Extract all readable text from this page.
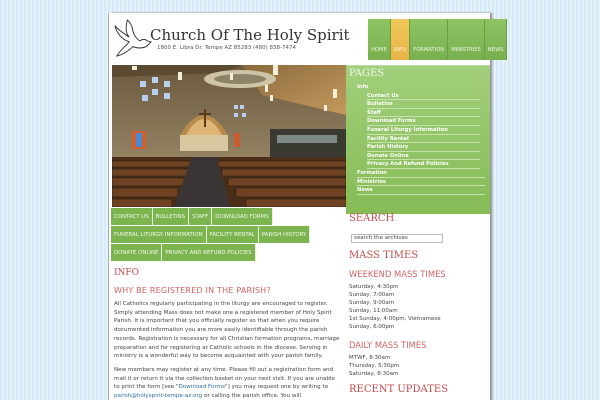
Church Of The Holy Spirit
1800 E. Libra Dr. Tempe AZ 85283 (480) 838-7474	HOME	INFO	FORMATION	MINISTRIES	NEWS
PAGES
Info
Contact Us
Bulletins
Staff
Download Forms
Funeral Liturgy Information
Facility Rental
Parish History
Donate Online
Privacy And Refund Policies
Formation
Ministries
News
CONTACT US	BULLETINS	STAFF	DOWNLOAD FORMS
FUNERAL LITURGY INFORMATION	FACILITY RENTAL	PARISH HISTORY
DONATE ONLINE	PRIVACY AND REFUND POLICIES
INFO
WHY BE REGISTERED IN THE PARISH?

All Catholics regularly participating in the liturgy are encouraged to register. Simply attending Mass does not make one a registered member of Holy Spirit Parish. It is important that you officially register so that when you require documented information you are more easily identifiable through the parish records. Registration is necessary for all Christian formation programs, marriage preparation and for registering at Catholic schools in the diocese. Serving in ministry is a wonderful way to become acquainted with your parish family.

New members may register at any time. Please fill out a registration form and mail it or return it via the collection basket on your next visit. If you are unable to print the form [see "Download Forms"] you may request one by writing to parish@holyspirit-tempe-az.org or calling the parish office. You will

SEARCH
search the archives
MASS TIMES
WEEKEND MASS TIMES
Saturday, 4:30pm
Sunday, 7:00am
Sunday, 9:00am
Sunday, 11:00am
1st Sunday, 4:00pm, Vietnamese
Sunday, 6:00pm
DAILY MASS TIMES
MTWF, 8:30am
Thursday, 5:30pm
Saturday, 8:30am
RECENT UPDATES
